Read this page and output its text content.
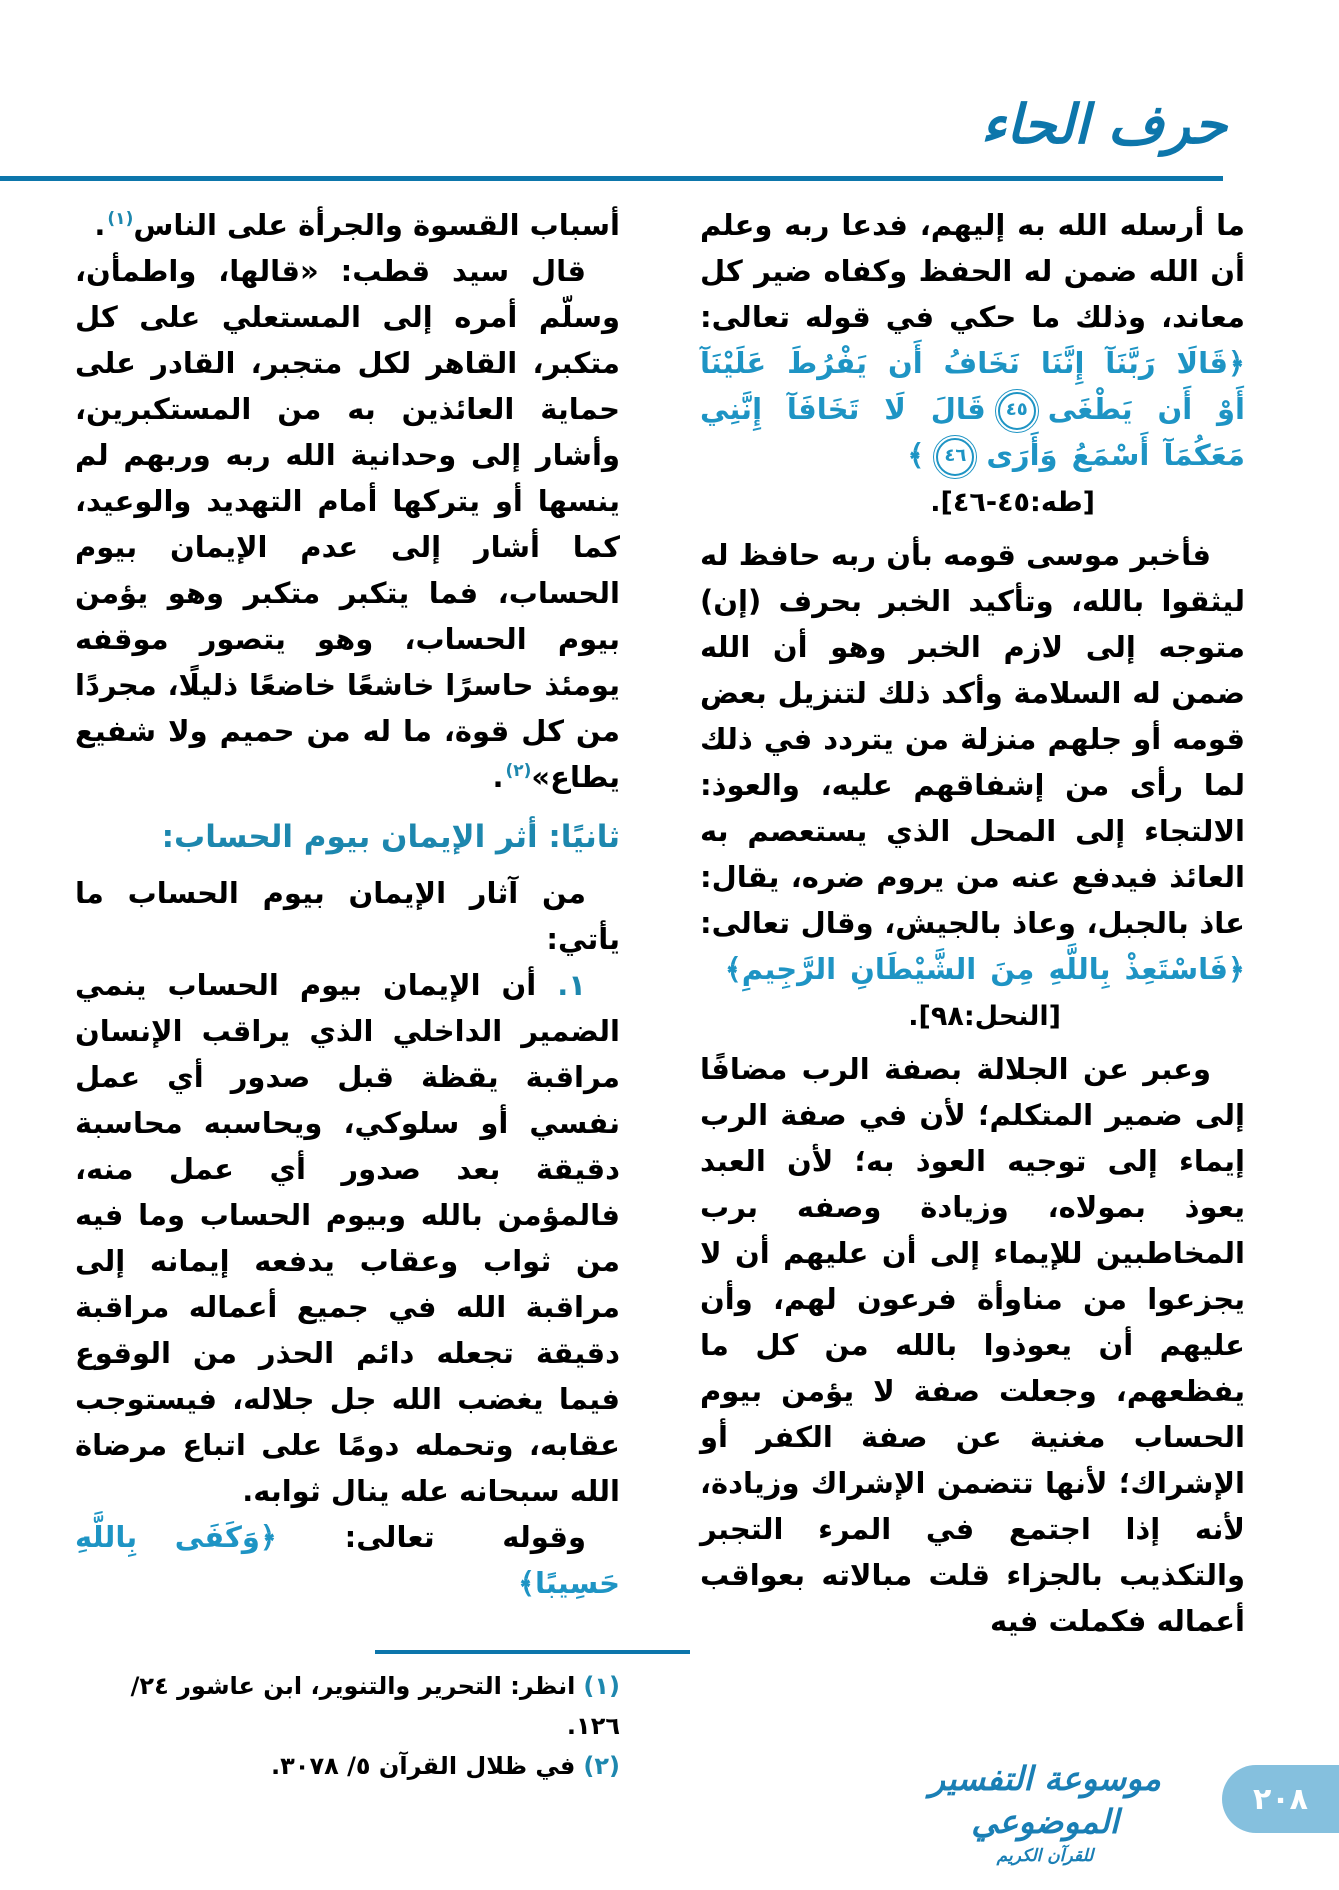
حرف الحاء

ما أرسله الله به إليهم، فدعا ربه وعلم أن الله ضمن له الحفظ وكفاه ضير كل معاند، وذلك ما حكي في قوله تعالى: ﴿قَالَا رَبَّنَآ إِنَّنَا نَخَافُ أَن يَفْرُطَ عَلَيْنَآ أَوْ أَن يَطْغَى٤٥قَالَ لَا تَخَافَآ إِنَّنِي مَعَكُمَآ أَسْمَعُ وَأَرَى٤٦﴾
[طه:٤٥-٤٦].

فأخبر موسى قومه بأن ربه حافظ له ليثقوا بالله، وتأكيد الخبر بحرف (إن) متوجه إلى لازم الخبر وهو أن الله ضمن له السلامة وأكد ذلك لتنزيل بعض قومه أو جلهم منزلة من يتردد في ذلك لما رأى من إشفاقهم عليه، والعوذ: الالتجاء إلى المحل الذي يستعصم به العائذ فيدفع عنه من يروم ضره، يقال: عاذ بالجبل، وعاذ بالجيش، وقال تعالى: ﴿فَاسْتَعِذْ بِاللَّهِ مِنَ الشَّيْطَانِ الرَّجِيمِ﴾
[النحل:٩٨].

وعبر عن الجلالة بصفة الرب مضافًا إلى ضمير المتكلم؛ لأن في صفة الرب إيماء إلى توجيه العوذ به؛ لأن العبد يعوذ بمولاه، وزيادة وصفه برب المخاطبين للإيماء إلى أن عليهم أن لا يجزعوا من مناوأة فرعون لهم، وأن عليهم أن يعوذوا بالله من كل ما يفظعهم، وجعلت صفة لا يؤمن بيوم الحساب مغنية عن صفة الكفر أو الإشراك؛ لأنها تتضمن الإشراك وزيادة، لأنه إذا اجتمع في المرء التجبر والتكذيب بالجزاء قلت مبالاته بعواقب أعماله فكملت فيه

أسباب القسوة والجرأة على الناس$^{(١)}$.

قال سيد قطب: «قالها، واطمأن، وسلّم أمره إلى المستعلي على كل متكبر، القاهر لكل متجبر، القادر على حماية العائذين به من المستكبرين، وأشار إلى وحدانية الله ربه وربهم لم ينسها أو يتركها أمام التهديد والوعيد، كما أشار إلى عدم الإيمان بيوم الحساب، فما يتكبر متكبر وهو يؤمن بيوم الحساب، وهو يتصور موقفه يومئذ حاسرًا خاشعًا خاضعًا ذليلًا، مجردًا من كل قوة، ما له من حميم ولا شفيع يطاع»$^{(٢)}$.

ثانيًا: أثر الإيمان بيوم الحساب:

من آثار الإيمان بيوم الحساب ما يأتي:

١. أن الإيمان بيوم الحساب ينمي الضمير الداخلي الذي يراقب الإنسان مراقبة يقظة قبل صدور أي عمل نفسي أو سلوكي، ويحاسبه محاسبة دقيقة بعد صدور أي عمل منه، فالمؤمن بالله وبيوم الحساب وما فيه من ثواب وعقاب يدفعه إيمانه إلى مراقبة الله في جميع أعماله مراقبة دقيقة تجعله دائم الحذر من الوقوع فيما يغضب الله جل جلاله، فيستوجب عقابه، وتحمله دومًا على اتباع مرضاة الله سبحانه عله ينال ثوابه.

وقوله تعالى: ﴿وَكَفَى بِاللَّهِ حَسِيبًا﴾

(١)انظر: التحرير والتنوير، ابن عاشور ٢٤/ ١٢٦.

(٢)في ظلال القرآن ٥/ ٣٠٧٨.	موسوعة التفسير الموضوعي
للقرآن الكريم
٢٠٨
